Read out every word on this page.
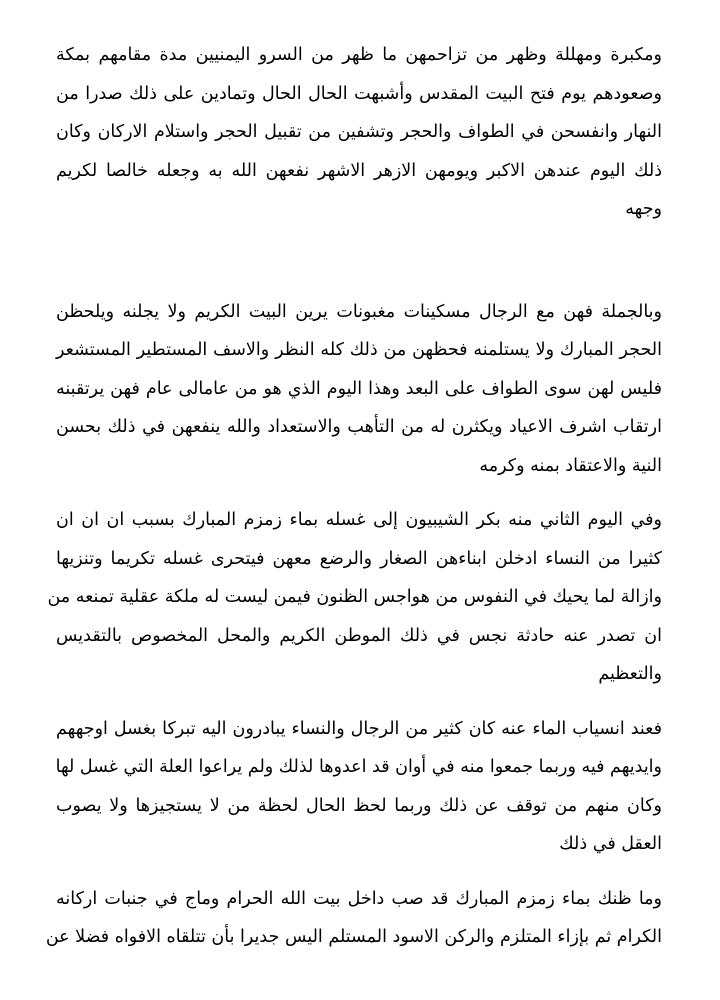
ومكبرة ومهللة وظهر من تزاحمهن ما ظهر من السرو اليمنيين مدة مقامهم بمكة
وصعودهم يوم فتح البيت المقدس وأشبهت الحال الحال وتمادين على ذلك صدرا من
النهار وانفسحن في الطواف والحجر وتشفين من تقبيل الحجر واستلام الاركان وكان
ذلك اليوم عندهن الاكبر ويومهن الازهر الاشهر نفعهن الله به وجعله خالصا لكريم
وجهه
وبالجملة فهن مع الرجال مسكينات مغبونات يرين البيت الكريم ولا يجلنه ويلحظن
الحجر المبارك ولا يستلمنه فحظهن من ذلك كله النظر والاسف المستطير المستشعر
فليس لهن سوى الطواف على البعد وهذا اليوم الذي هو من عامالى عام فهن يرتقبنه
ارتقاب اشرف الاعياد ويكثرن له من التأهب والاستعداد والله ينفعهن في ذلك بحسن
النية والاعتقاد بمنه وكرمه
وفي اليوم الثاني منه بكر الشيبيون إلى غسله بماء زمزم المبارك بسبب ان ان ان
كثيرا من النساء ادخلن ابناءهن الصغار والرضع معهن فيتحرى غسله تكريما وتنزيها
وازالة لما يحيك في النفوس من هواجس الظنون فيمن ليست له ملكة عقلية تمنعه من
ان تصدر عنه حادثة نجس في ذلك الموطن الكريم والمحل المخصوص بالتقديس
والتعظيم
فعند انسياب الماء عنه كان كثير من الرجال والنساء يبادرون اليه تبركا بغسل اوجههم
وايديهم فيه وربما جمعوا منه في أوان قد اعدوها لذلك ولم يراعوا العلة التي غسل لها
وكان منهم من توقف عن ذلك وربما لحظ الحال لحظة من لا يستجيزها ولا يصوب
العقل في ذلك
وما ظنك بماء زمزم المبارك قد صب داخل بيت الله الحرام وماج في جنبات اركانه
الكرام ثم بإزاء المتلزم والركن الاسود المستلم اليس جديرا بأن تتلقاه الافواه فضلا عن
